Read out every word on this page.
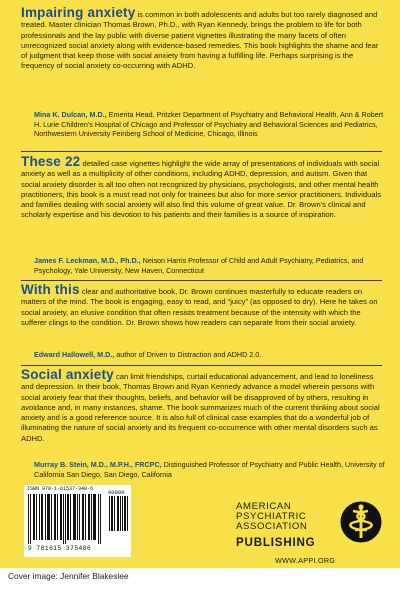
Impairing anxiety is common in both adolescents and adults but too rarely diagnosed and treated. Master clinician Thomas Brown, Ph.D., with Ryan Kennedy, brings the problem to life for both professionals and the lay public with diverse patient vignettes illustrating the many facets of often unrecognized social anxiety along with evidence-based remedies. This book highlights the shame and fear of judgment that keep those with social anxiety from having a fulfilling life. Perhaps surprising is the frequency of social anxiety co-occurring with ADHD.

Mina K. Dulcan, M.D., Emerita Head, Pritzker Department of Psychiatry and Behavioral Health, Ann & Robert H. Lurie Children's Hospital of Chicago and Professor of Psychiatry and Behavioral Sciences and Pediatrics, Northwestern University Feinberg School of Medicine, Chicago, Illinois

These 22 detailed case vignettes highlight the wide array of presentations of individuals with social anxiety as well as a multiplicity of other conditions, including ADHD, depression, and autism. Given that social anxiety disorder is all too often not recognized by physicians, psychologists, and other mental health practitioners, this book is a must read not only for trainees but also for more senior practitioners. Individuals and families dealing with social anxiety will also find this volume of great value. Dr. Brown's clinical and scholarly expertise and his devotion to his patients and their families is a source of inspiration.

James F. Leckman, M.D., Ph.D., Neison Harris Professor of Child and Adult Psychiatry, Pediatrics, and Psychology, Yale University, New Haven, Connecticut

With this clear and authoritative book, Dr. Brown continues masterfully to educate readers on matters of the mind. The book is engaging, easy to read, and “juicy” (as opposed to dry). Here he takes on social anxiety, an elusive condition that often resists treatment because of the intensity with which the sufferer clings to the condition. Dr. Brown shows how readers can separate from their social anxiety.

Edward Hallowell, M.D., author of Driven to Distraction and ADHD 2.0.

Social anxiety can limit friendships, curtail educational advancement, and lead to loneliness and depression. In their book, Thomas Brown and Ryan Kennedy advance a model wherein persons with social anxiety fear that their thoughts, beliefs, and behavior will be disapproved of by others, resulting in avoidance and, in many instances, shame. The book summarizes much of the current thinking about social anxiety and is a good reference source. It is also full of clinical case examples that do a wonderful job of illuminating the nature of social anxiety and its frequent co-occurrence with other mental disorders such as ADHD.

Murray B. Stein, M.D., M.P.H., FRCPC, Distinguished Professor of Psychiatry and Public Health, University of California San Diego, San Diego, California

ISBN 978-1-61537-348-6	90000
9 781615 375486
AMERICAN
PSYCHIATRIC
ASSOCIATION
PUBLISHING
WWW.APPI.ORG
Cover image: Jennifer Blakeslee
